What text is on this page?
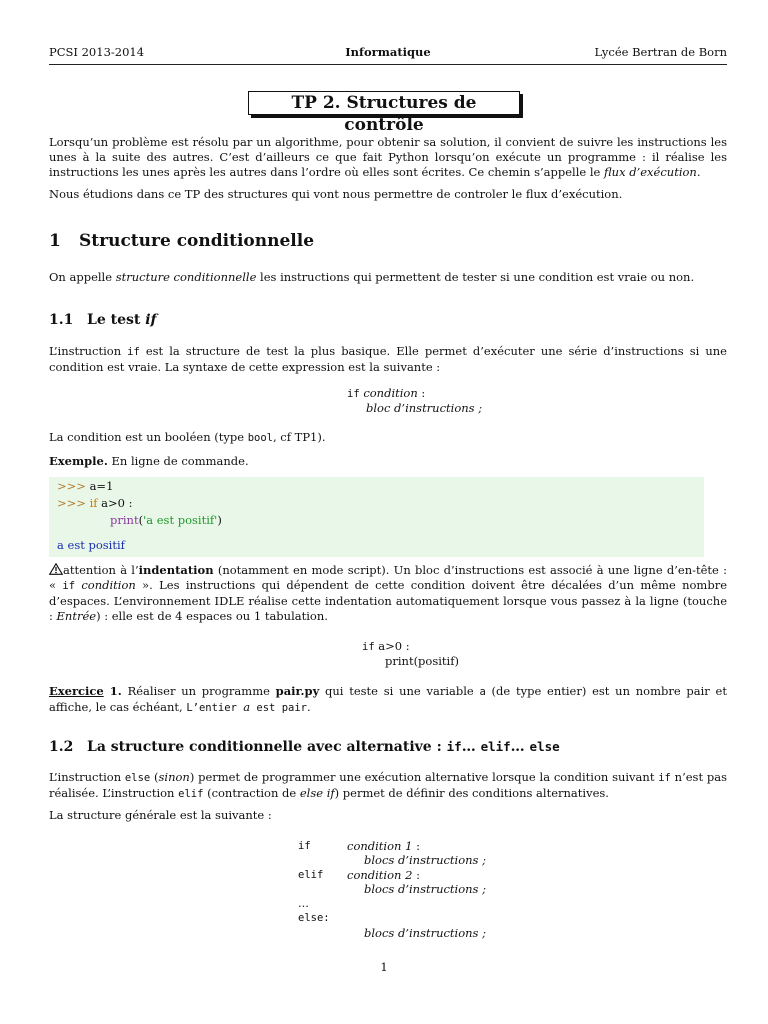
PCSI 2013-2014	Informatique	Lycée Bertran de Born
TP 2. Structures de contrôle
Lorsqu’un problème est résolu par un algorithme, pour obtenir sa solution, il convient de suivre les instructions les unes à la suite des autres. C’est d’ailleurs ce que fait Python lorsqu’on exécute un programme : il réalise les instructions les unes après les autres dans l’ordre où elles sont écrites. Ce chemin s’appelle le flux d’exécution.
Nous étudions dans ce TP des structures qui vont nous permettre de controler le flux d’exécution.
1 Structure conditionnelle
On appelle structure conditionnelle les instructions qui permettent de tester si une condition est vraie ou non.
1.1 Le test if
L’instruction if est la structure de test la plus basique. Elle permet d’exécuter une série d’instructions si une condition est vraie. La syntaxe de cette expression est la suivante :
if condition :
bloc d’instructions ;
La condition est un booléen (type bool, cf TP1).
Exemple. En ligne de commande.
>>> a=1
>>> if a>0 :
print('a est positif')
a est positif
attention à l’indentation (notamment en mode script). Un bloc d’instructions est associé à une ligne d’en-tête : « if condition ». Les instructions qui dépendent de cette condition doivent être décalées d’un même nombre d’espaces. L’environnement IDLE réalise cette indentation automatiquement lorsque vous passez à la ligne (touche : Entrée) : elle est de 4 espaces ou 1 tabulation.
if a>0 :
print(positif)
Exercice 1. Réaliser un programme pair.py qui teste si une variable a (de type entier) est un nombre pair et affiche, le cas échéant, L’entier a est pair.
1.2 La structure conditionnelle avec alternative : if… elif… else
L’instruction else (sinon) permet de programmer une exécution alternative lorsque la condition suivant if n’est pas réalisée. L’instruction elif (contraction de else if) permet de définir des conditions alternatives.
La structure générale est la suivante :
if	condition 1 :
blocs d’instructions ;
elif condition 2 :
blocs d’instructions ;
...
else:
blocs d’instructions ;
1
